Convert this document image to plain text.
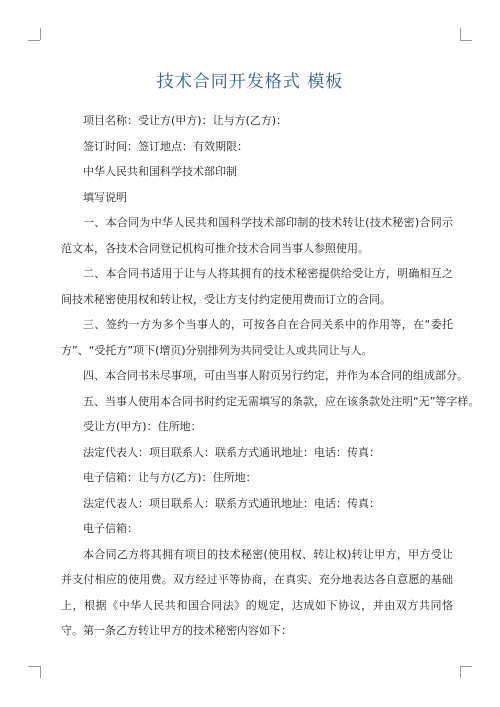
技术合同开发格式 模板

项目名称：受让方(甲方)：让与方(乙方)：

签订时间：签订地点：有效期限：

中华人民共和国科学技术部印制

填写说明

一、本合同为中华人民共和国科学技术部印制的技术转让(技术秘密)合同示范文本，各技术合同登记机构可推介技术合同当事人参照使用。

二、本合同书适用于让与人将其拥有的技术秘密提供给受让方，明确相互之间技术秘密使用权和转让权，受让方支付约定使用费而订立的合同。

三、签约一方为多个当事人的，可按各自在合同关系中的作用等，在“委托方”、“受托方”项下(增页)分别排列为共同受让人或共同让与人。

四、本合同书未尽事项，可由当事人附页另行约定，并作为本合同的组成部分。

五、当事人使用本合同书时约定无需填写的条款，应在该条款处注明“无”等字样。

受让方(甲方)：住所地：

法定代表人：项目联系人：联系方式通讯地址：电话：传真：

电子信箱：让与方(乙方)：住所地：

法定代表人：项目联系人：联系方式通讯地址：电话：传真：

电子信箱：

本合同乙方将其拥有项目的技术秘密(使用权、转让权)转让甲方，甲方受让并支付相应的使用费。双方经过平等协商，在真实、充分地表达各自意愿的基础上，根据《中华人民共和国合同法》的规定，达成如下协议，并由双方共同恪守。第一条乙方转让甲方的技术秘密内容如下：
